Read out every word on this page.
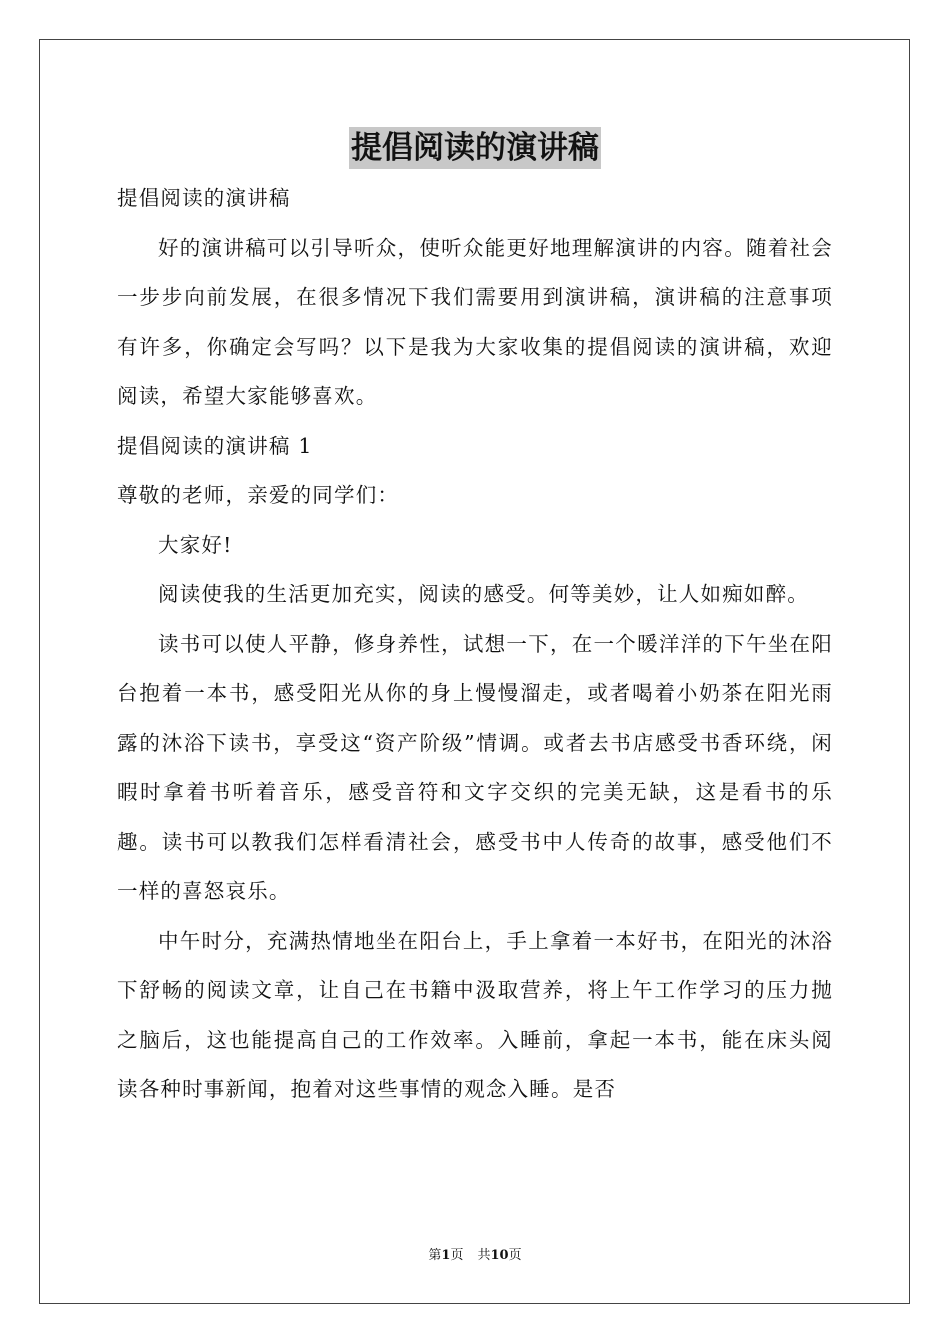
提倡阅读的演讲稿

提倡阅读的演讲稿

好的演讲稿可以引导听众，使听众能更好地理解演讲的内容。随着社会一步步向前发展，在很多情况下我们需要用到演讲稿，演讲稿的注意事项有许多，你确定会写吗？以下是我为大家收集的提倡阅读的演讲稿，欢迎阅读，希望大家能够喜欢。

提倡阅读的演讲稿 1

尊敬的老师，亲爱的同学们：

大家好!

阅读使我的生活更加充实，阅读的感受。何等美妙，让人如痴如醉。

读书可以使人平静，修身养性，试想一下，在一个暖洋洋的下午坐在阳台抱着一本书，感受阳光从你的身上慢慢溜走，或者喝着小奶茶在阳光雨露的沐浴下读书，享受这“资产阶级”情调。或者去书店感受书香环绕，闲暇时拿着书听着音乐，感受音符和文字交织的完美无缺，这是看书的乐趣。读书可以教我们怎样看清社会，感受书中人传奇的故事，感受他们不一样的喜怒哀乐。

中午时分，充满热情地坐在阳台上，手上拿着一本好书，在阳光的沐浴下舒畅的阅读文章，让自己在书籍中汲取营养，将上午工作学习的压力抛之脑后，这也能提高自己的工作效率。入睡前，拿起一本书，能在床头阅读各种时事新闻，抱着对这些事情的观念入睡。是否

第1页 共10页
